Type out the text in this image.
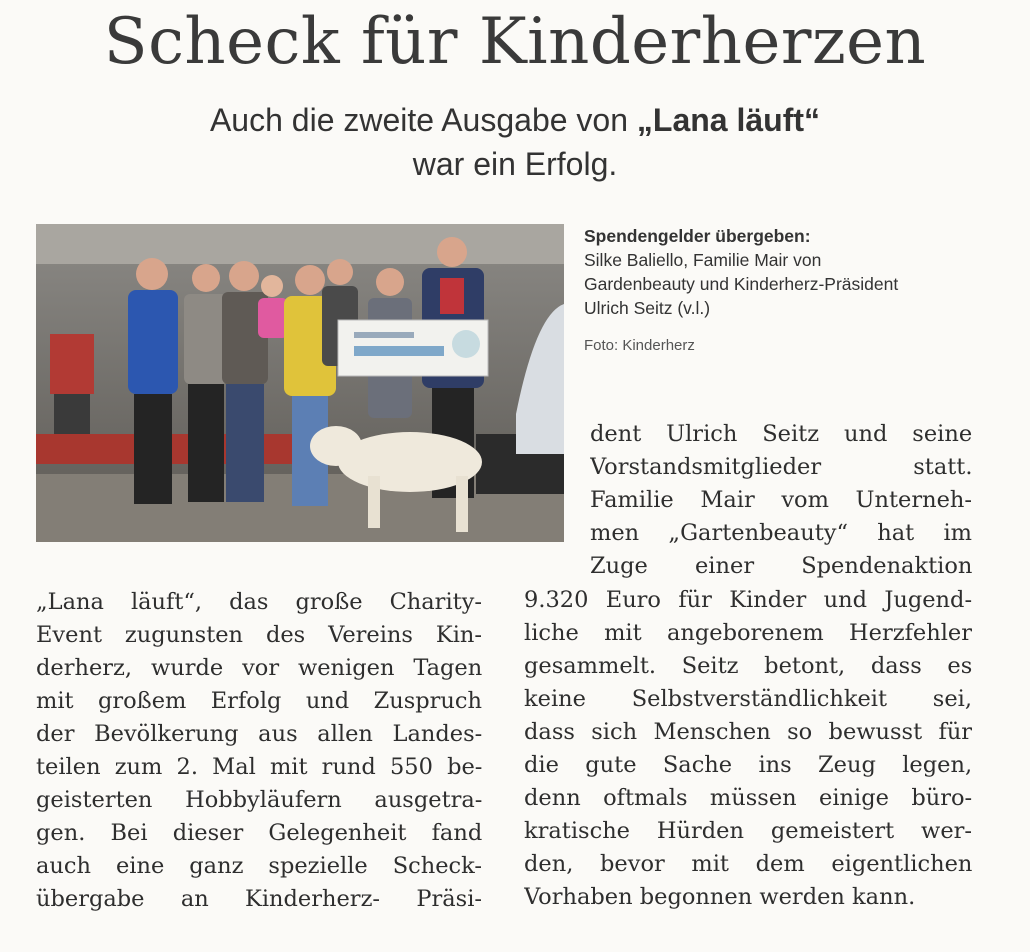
Scheck für Kinderherzen
Auch die zweite Ausgabe von „Lana läuft“
war ein Erfolg.
Spendengelder übergeben:
Silke Baliello, Familie Mair von
Gardenbeauty und Kinderherz-Präsident
Ulrich Seitz (v.l.)
Foto: Kinderherz
„Lana läuft“, das große Charity-
Event zugunsten des Vereins Kin-
derherz, wurde vor wenigen Tagen
mit großem Erfolg und Zuspruch
der Bevölkerung aus allen Landes-
teilen zum 2. Mal mit rund 550 be-
geisterten Hobbyläufern ausgetra-
gen. Bei dieser Gelegenheit fand
auch eine ganz spezielle Scheck-
übergabe an Kinderherz- Präsi-
dent Ulrich Seitz und seine
Vorstandsmitglieder statt.
Familie Mair vom Unterneh-
men „Gartenbeauty“ hat im
Zuge einer Spendenaktion
9.320 Euro für Kinder und Jugend-
liche mit angeborenem Herzfehler
gesammelt. Seitz betont, dass es
keine Selbstverständlichkeit sei,
dass sich Menschen so bewusst für
die gute Sache ins Zeug legen,
denn oftmals müssen einige büro-
kratische Hürden gemeistert wer-
den, bevor mit dem eigentlichen
Vorhaben begonnen werden kann.
